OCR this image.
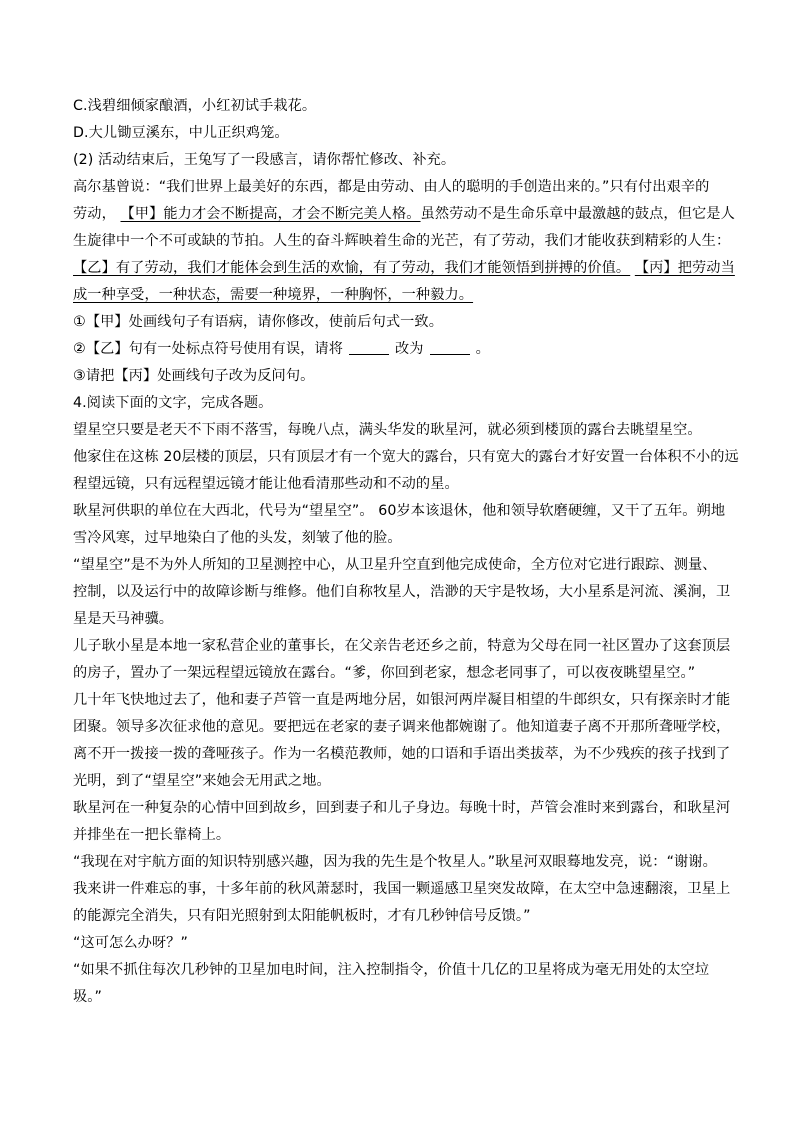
C.浅碧细倾家酿酒，小红初试手栽花。
D.大儿锄豆溪东，中儿正织鸡笼。
(2) 活动结束后，王兔写了一段感言，请你帮忙修改、补充。
高尔基曾说：“我们世界上最美好的东西，都是由劳动、由人的聪明的手创造出来的。”只有付出艰辛的
劳动， 【甲】能力才会不断提高，才会不断完美人格。虽然劳动不是生命乐章中最激越的鼓点，但它是人
生旋律中一个不可或缺的节拍。人生的奋斗辉映着生命的光芒，有了劳动，我们才能收获到精彩的人生：
【乙】有了劳动，我们才能体会到生活的欢愉，有了劳动，我们才能领悟到拼搏的价值。 【丙】把劳动当
成一种享受，一种状态，需要一种境界，一种胸怀，一种毅力。
①【甲】处画线句子有语病，请你修改，使前后句式一致。
②【乙】句有一处标点符号使用有误，请将	改为	。
③请把【丙】处画线句子改为反问句。
4.阅读下面的文字，完成各题。
望星空只要是老天不下雨不落雪，每晚八点，满头华发的耿星河，就必须到楼顶的露台去眺望星空。
他家住在这栋 20层楼的顶层，只有顶层才有一个宽大的露台，只有宽大的露台才好安置一台体积不小的远
程望远镜，只有远程望远镜才能让他看清那些动和不动的星。
耿星河供职的单位在大西北，代号为“望星空”。 60岁本该退休，他和领导软磨硬缠，又干了五年。朔地
雪冷风寒，过早地染白了他的头发，刻皱了他的脸。
“望星空”是不为外人所知的卫星测控中心，从卫星升空直到他完成使命，全方位对它进行跟踪、测量、
控制，以及运行中的故障诊断与维修。他们自称牧星人，浩渺的天宇是牧场，大小星系是河流、溪涧，卫
星是天马神骥。
儿子耿小星是本地一家私营企业的董事长，在父亲告老还乡之前，特意为父母在同一社区置办了这套顶层
的房子，置办了一架远程望远镜放在露台。“爹，你回到老家，想念老同事了，可以夜夜眺望星空。”
几十年飞快地过去了，他和妻子芦管一直是两地分居，如银河两岸凝目相望的牛郎织女，只有探亲时才能
团聚。领导多次征求他的意见。要把远在老家的妻子调来他都婉谢了。他知道妻子离不开那所聋哑学校，
离不开一拨接一拨的聋哑孩子。作为一名模范教师，她的口语和手语出类拔萃，为不少残疾的孩子找到了
光明，到了“望星空”来她会无用武之地。
耿星河在一种复杂的心情中回到故乡，回到妻子和儿子身边。每晚十时，芦管会准时来到露台，和耿星河
并排坐在一把长靠椅上。
“我现在对宇航方面的知识特别感兴趣，因为我的先生是个牧星人。”耿星河双眼蓦地发亮，说：“谢谢。
我来讲一件难忘的事，十多年前的秋风萧瑟时，我国一颗遥感卫星突发故障，在太空中急速翻滚，卫星上
的能源完全消失，只有阳光照射到太阳能帆板时，才有几秒钟信号反馈。”
“这可怎么办呀？”
“如果不抓住每次几秒钟的卫星加电时间，注入控制指令，价值十几亿的卫星将成为毫无用处的太空垃
圾。”
